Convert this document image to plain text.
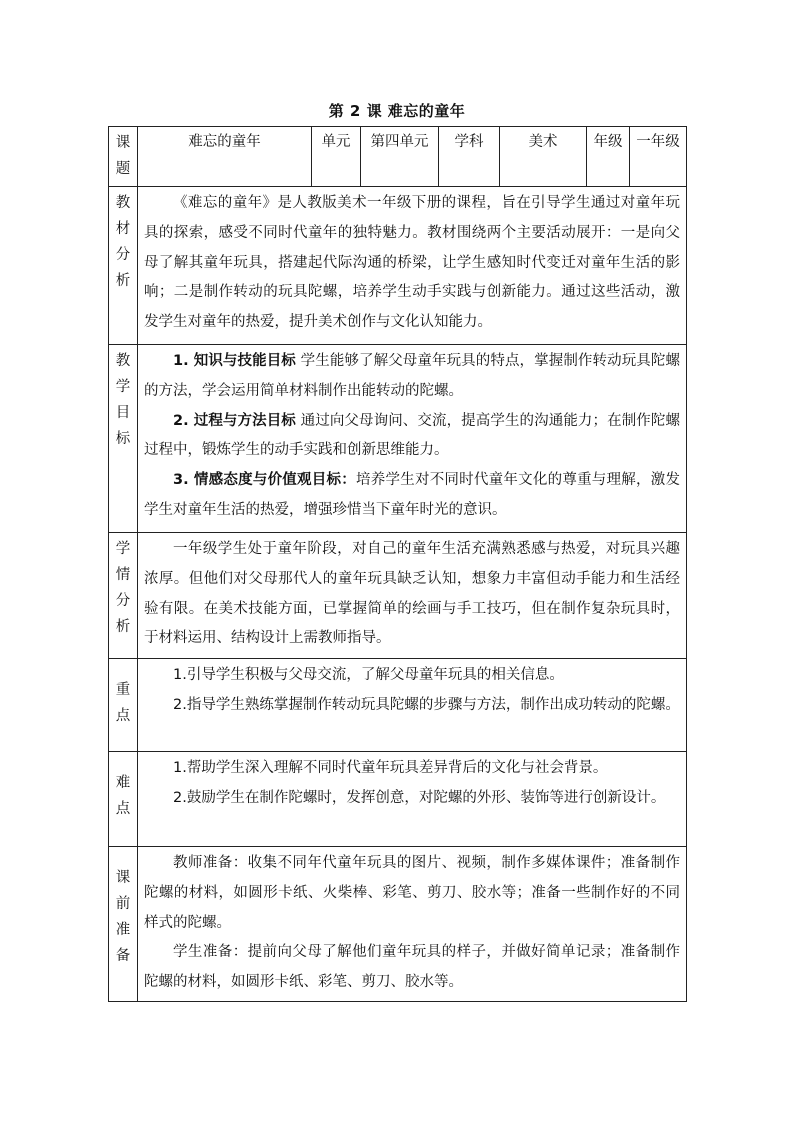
第 2 课 难忘的童年
课题	难忘的童年	单元	第四单元	学科	美术	年级	一年级
教材分析	《难忘的童年》是人教版美术一年级下册的课程，旨在引导学生通过对童年玩具的探索，感受不同时代童年的独特魅力。教材围绕两个主要活动展开：一是向父母了解其童年玩具，搭建起代际沟通的桥梁，让学生感知时代变迁对童年生活的影响；二是制作转动的玩具陀螺，培养学生动手实践与创新能力。通过这些活动，激发学生对童年的热爱，提升美术创作与文化认知能力。						

教学目标	1. 知识与技能目标 学生能够了解父母童年玩具的特点，掌握制作转动玩具陀螺的方法，学会运用简单材料制作出能转动的陀螺。
2. 过程与方法目标 通过向父母询问、交流，提高学生的沟通能力；在制作陀螺过程中，锻炼学生的动手实践和创新思维能力。
3. 情感态度与价值观目标：培养学生对不同时代童年文化的尊重与理解，激发学生对童年生活的热爱，增强珍惜当下童年时光的意识。						

学情分析	一年级学生处于童年阶段，对自己的童年生活充满熟悉感与热爱，对玩具兴趣浓厚。但他们对父母那代人的童年玩具缺乏认知，想象力丰富但动手能力和生活经验有限。在美术技能方面，已掌握简单的绘画与手工技巧，但在制作复杂玩具时，于材料运用、结构设计上需教师指导。						

重点	1.引导学生积极与父母交流，了解父母童年玩具的相关信息。
2.指导学生熟练掌握制作转动玩具陀螺的步骤与方法，制作出成功转动的陀螺。						

难点	1.帮助学生深入理解不同时代童年玩具差异背后的文化与社会背景。
2.鼓励学生在制作陀螺时，发挥创意，对陀螺的外形、装饰等进行创新设计。						

课前准备	教师准备：收集不同年代童年玩具的图片、视频，制作多媒体课件；准备制作陀螺的材料，如圆形卡纸、火柴棒、彩笔、剪刀、胶水等；准备一些制作好的不同样式的陀螺。
学生准备：提前向父母了解他们童年玩具的样子，并做好简单记录；准备制作陀螺的材料，如圆形卡纸、彩笔、剪刀、胶水等。						
